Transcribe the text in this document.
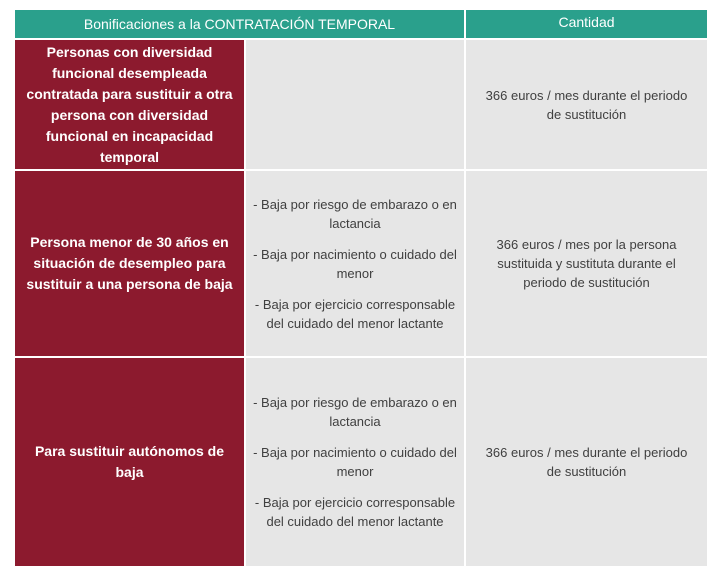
Bonificaciones a la CONTRATACIÓN TEMPORAL	Cantidad
Personas con diversidad funcional desempleada contratada para sustituir a otra persona con diversidad funcional en incapacidad temporal
366 euros / mes durante el periodo de sustitución
Persona menor de 30 años en situación de desempleo para sustituir a una persona de baja
- Baja por riesgo de embarazo o en lactancia
- Baja por nacimiento o cuidado del menor
- Baja por ejercicio corresponsable del cuidado del menor lactante
366 euros / mes por la persona sustituida y sustituta durante el periodo de sustitución
Para sustituir autónomos de baja
- Baja por riesgo de embarazo o en lactancia
- Baja por nacimiento o cuidado del menor
- Baja por ejercicio corresponsable del cuidado del menor lactante
366 euros / mes durante el periodo de sustitución
